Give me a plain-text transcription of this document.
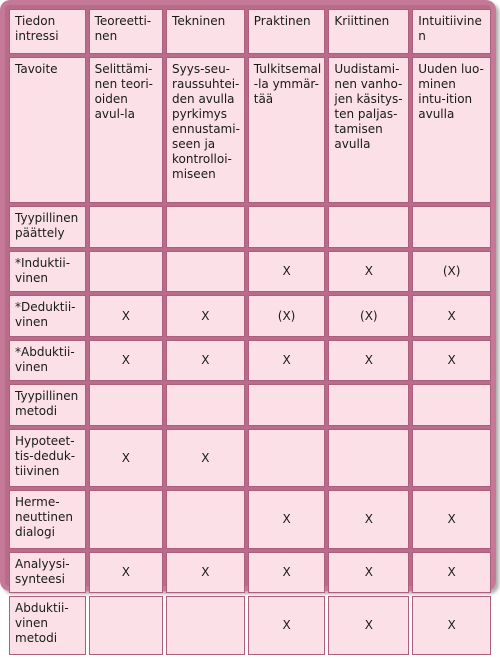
Tiedon intressi	Teoreetti-nen	Tekninen	Praktinen	Kriittinen	Intuitiivinen
Tavoite	Selittämi-nen teori-oiden avul-la	Syys-seu-raussuhtei-den avulla pyrkimys ennustami-seen ja kontrolloi-miseen	Tulkitsemal-la ymmär-tää	Uudistami-nen vanho-jen käsitys-ten paljas-tamisen avulla	Uuden luo-minen intu-ition avulla
Tyypillinen päättely					
*Induktii-vinen			X	X	(X)
*Deduktii-vinen	X	X	(X)	(X)	X
*Abduktii-vinen	X	X	X	X	X
Tyypillinen metodi					
Hypoteet-tis-deduk-tiivinen	X	X			
Herme-neuttinen dialogi			X	X	X
Analyysi-synteesi	X	X	X	X	X
Abduktii-vinen metodi			X	X	X
